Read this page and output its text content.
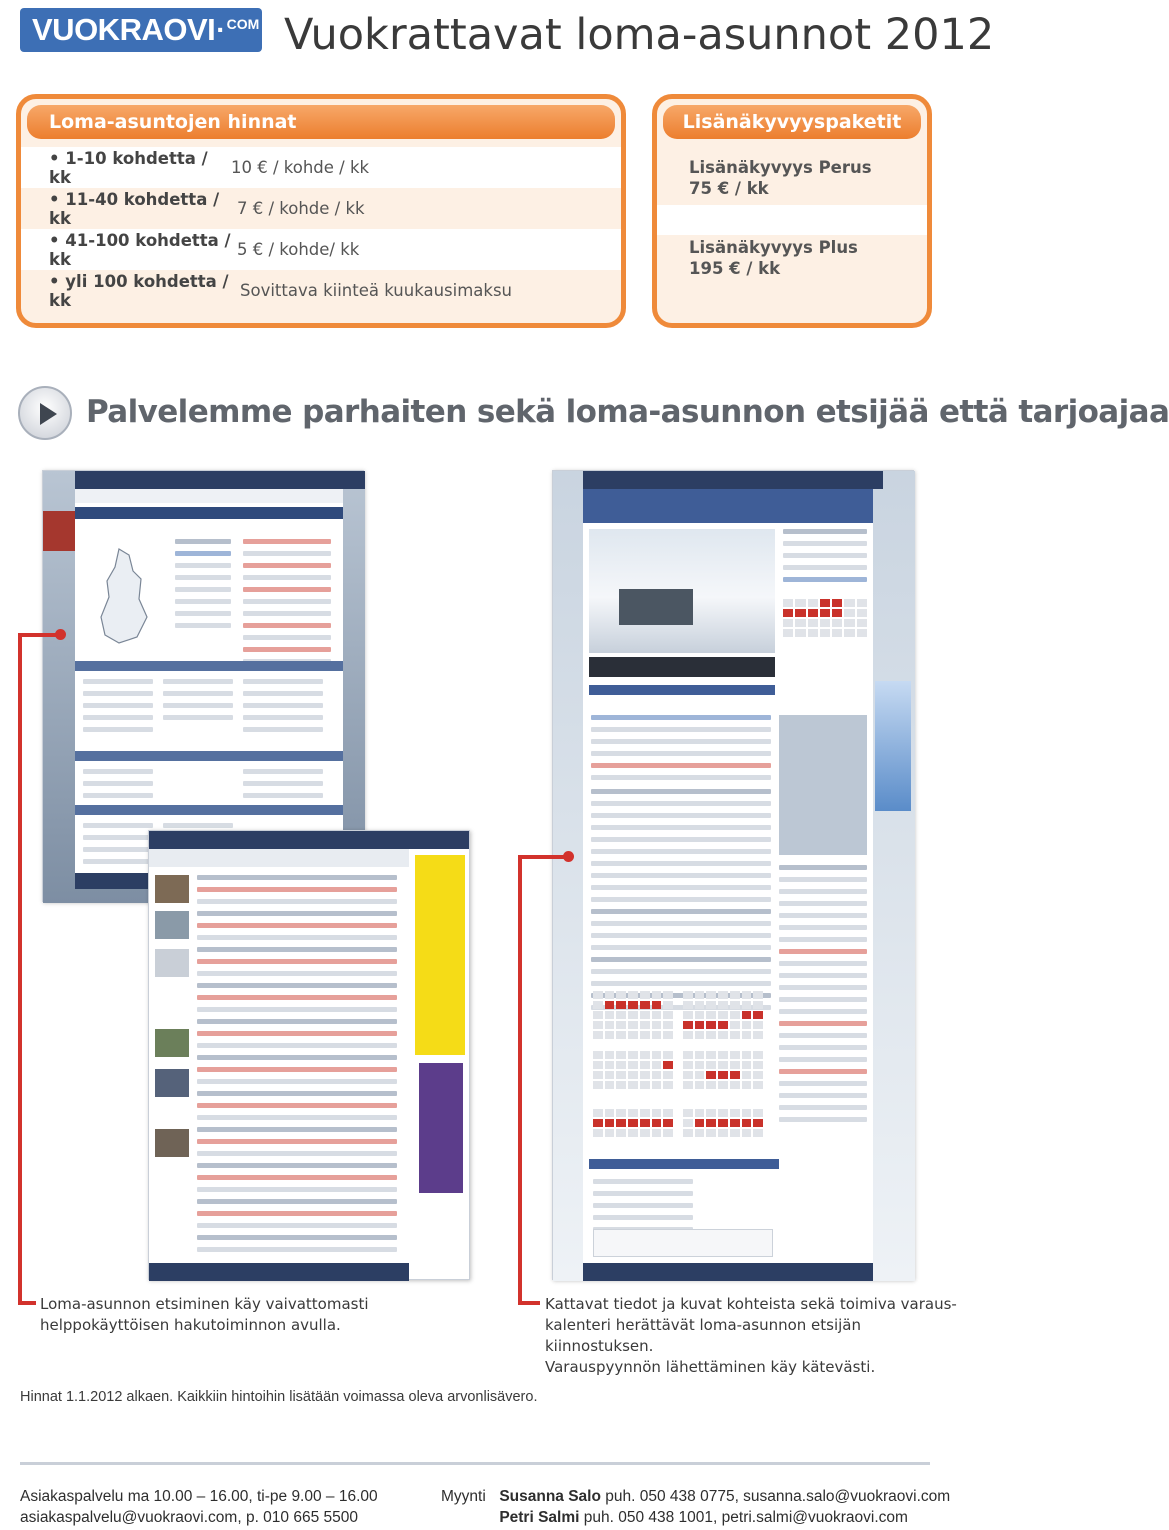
VUOKRAOVI · COM Vuokrattavat loma-asunnot 2012
Loma-asuntojen hinnat
• 1-10 kohdetta / kk	10 € / kohde / kk
• 11-40 kohdetta / kk	7 € / kohde / kk
• 41-100 kohdetta / kk	5 € / kohde/ kk
• yli 100 kohdetta / kk	Sovittava kiinteä kuukausimaksu
Lisänäkyvyyspaketit
Lisänäkyvyys Perus
75 € / kk
Lisänäkyvyys Plus
195 € / kk
Palvelemme parhaiten sekä loma-asunnon etsijää että tarjoajaa
Loma-asunnon etsiminen käy vaivattomasti
helppokäyttöisen hakutoiminnon avulla.
Kattavat tiedot ja kuvat kohteista sekä toimiva varaus-
kalenteri herättävät loma-asunnon etsijän kiinnostuksen.
Varauspyynnön lähettäminen käy kätevästi.
Hinnat 1.1.2012 alkaen. Kaikkiin hintoihin lisätään voimassa oleva arvonlisävero.
Asiakaspalvelu ma 10.00 – 16.00, ti-pe 9.00 – 16.00
asiakaspalvelu@vuokraovi.com, p. 010 665 5500
Myynti Susanna Salo puh. 050 438 0775, susanna.salo@vuokraovi.com
Petri Salmi puh. 050 438 1001, petri.salmi@vuokraovi.com
